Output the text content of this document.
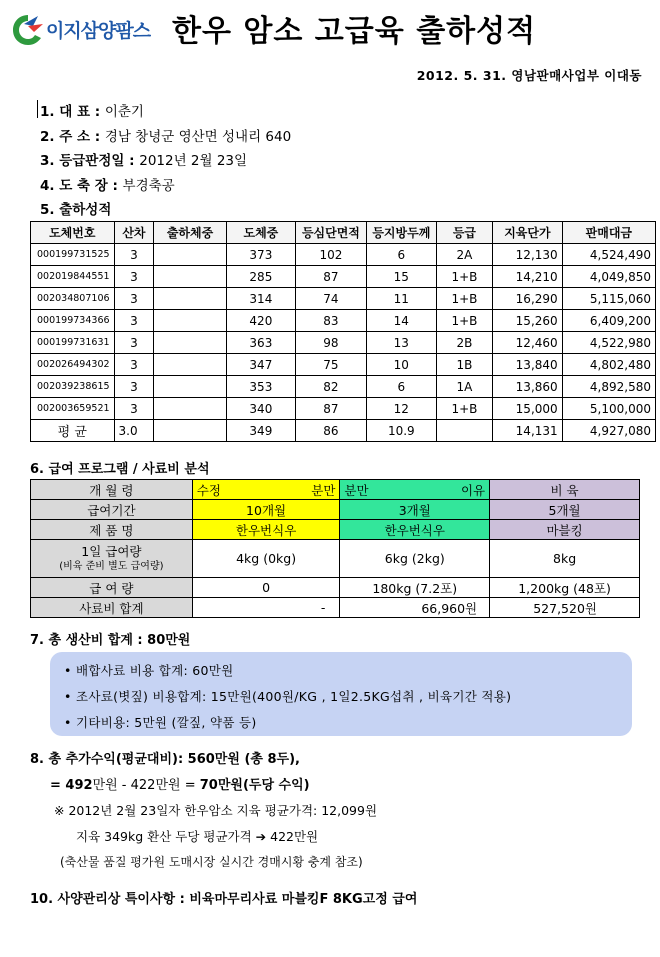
이지삼양팜스 한우 암소 고급육 출하성적
2012. 5. 31. 영남판매사업부 이대동
1. 대 표 : 이춘기
2. 주 소 : 경남 창녕군 영산면 성내리 640
3. 등급판정일 : 2012년 2월 23일
4. 도 축 장 : 부경축공
5. 출하성적
도체번호	산차	출하체중	도체중	등심단면적	등지방두께	등급	지육단가	판매대금
000199731525	3		373	102	6	2A	12,130	4,524,490
002019844551	3		285	87	15	1+B	14,210	4,049,850
002034807106	3		314	74	11	1+B	16,290	5,115,060
000199734366	3		420	83	14	1+B	15,260	6,409,200
000199731631	3		363	98	13	2B	12,460	4,522,980
002026494302	3		347	75	10	1B	13,840	4,802,480
002039238615	3		353	82	6	1A	13,860	4,892,580
002003659521	3		340	87	12	1+B	15,000	5,100,000
평 균	3.0		349	86	10.9		14,131	4,927,080
6. 급여 프로그램 / 사료비 분석
개 월 령	수정 분만	분만 이유	비 육
급여기간	10개월	3개월	5개월
제 품 명	한우번식우	한우번식우	마블킹

1일 급여량
(비육 준비 별도 급여량)	4kg (0kg)	6kg (2kg)	8kg
급 여 량	0	180kg (7.2포)	1,200kg (48포)
사료비 합계	-	66,960원	527,520원
7. 총 생산비 합계 : 80만원
• 배합사료 비용 합계: 60만원
• 조사료(볏짚) 비용합계: 15만원(400원/KG , 1일2.5KG섭취 , 비육기간 적용)
• 기타비용: 5만원 (깔짚, 약품 등)
8. 총 추가수익(평균대비): 560만원 (총 8두),
= 492만원 - 422만원 = 70만원(두당 수익)
※ 2012년 2월 23일자 한우암소 지육 평균가격: 12,099원
지육 349kg 환산 두당 평균가격 ➔ 422만원
(축산물 품질 평가원 도매시장 실시간 경매시황 충계 참조)
10. 사양관리상 특이사항 : 비육마무리사료 마블킹F 8KG고정 급여
